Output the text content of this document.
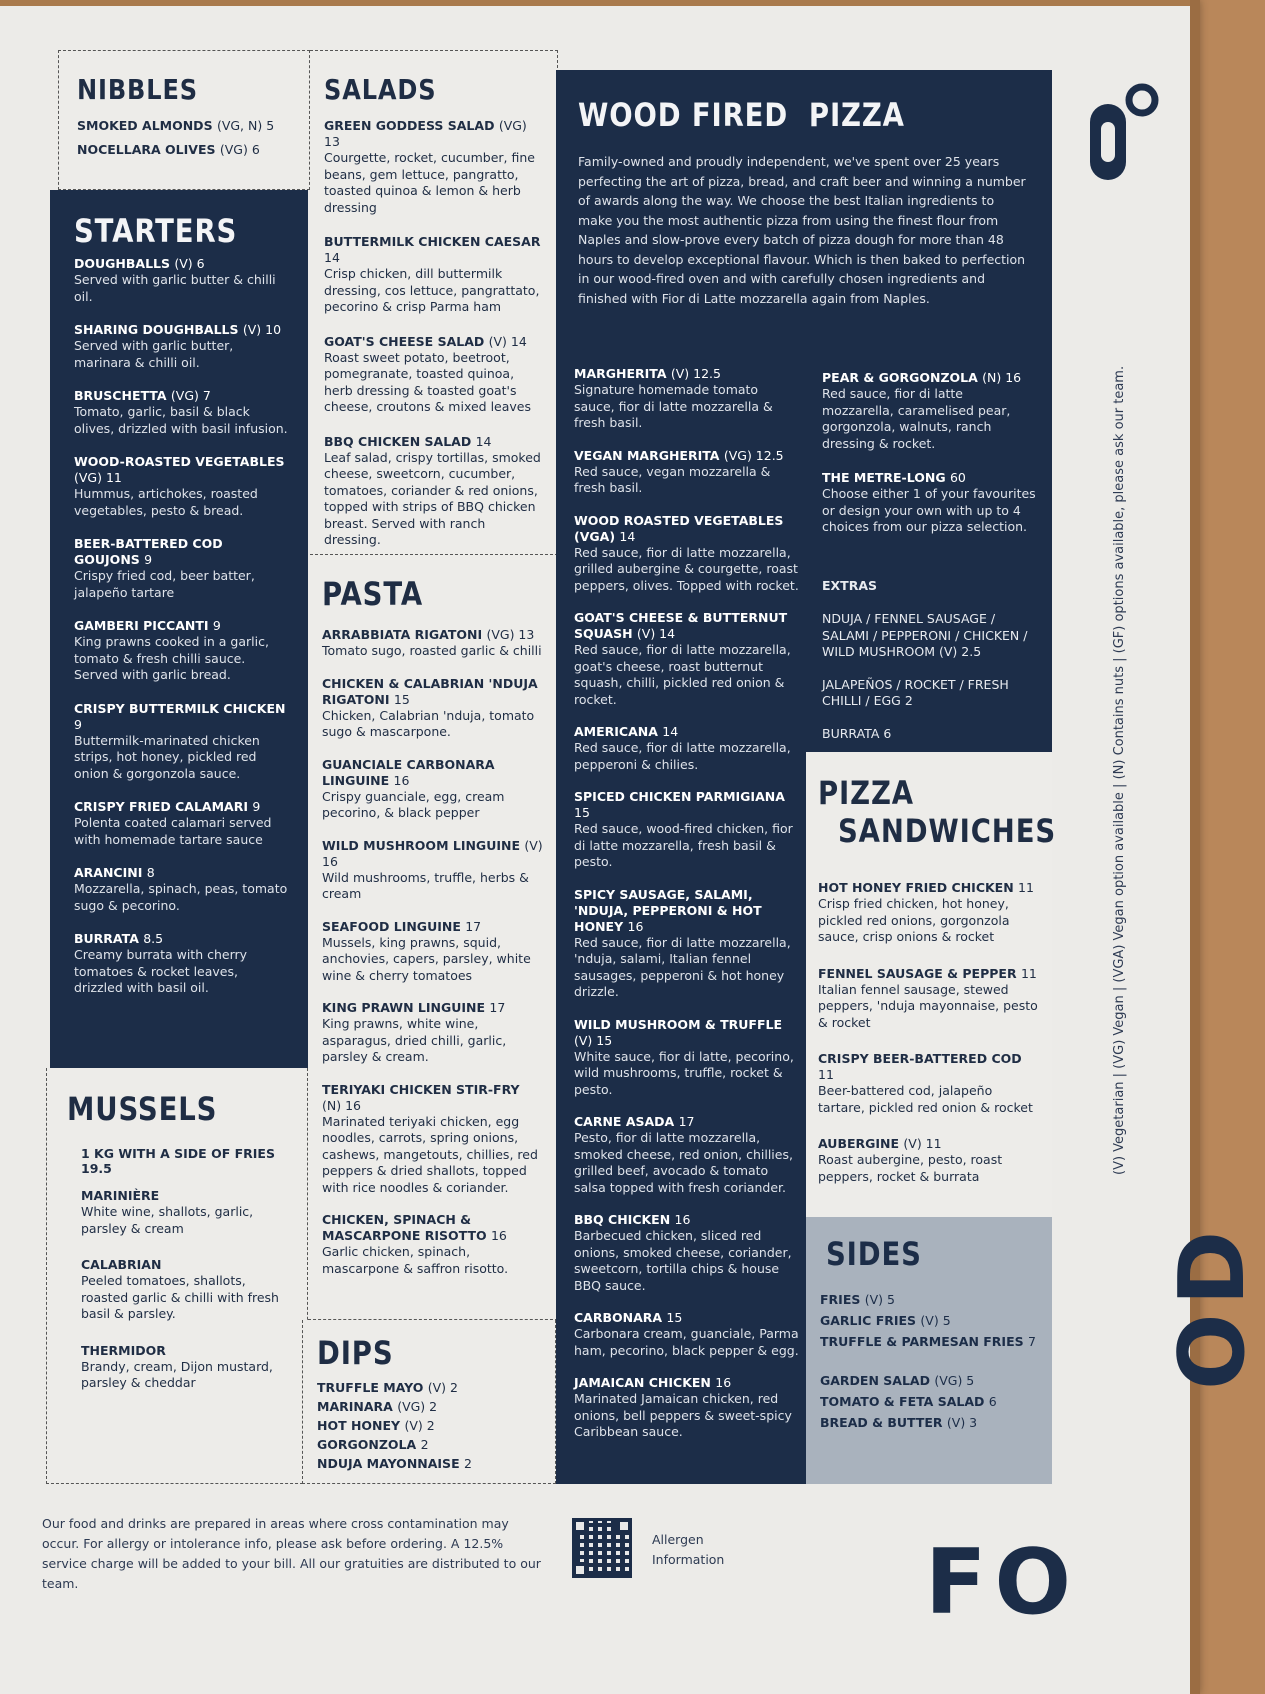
NIBBLES
SMOKED ALMONDS (VG, N) 5
NOCELLARA OLIVES (VG) 6
STARTERS
DOUGHBALLS (V) 6
Served with garlic butter & chilli oil.
SHARING DOUGHBALLS (V) 10
Served with garlic butter, marinara & chilli oil.
BRUSCHETTA (VG) 7
Tomato, garlic, basil & black olives, drizzled with basil infusion.
WOOD-ROASTED VEGETABLES (VG) 11
Hummus, artichokes, roasted vegetables, pesto & bread.
BEER-BATTERED COD GOUJONS 9
Crispy fried cod, beer batter, jalapeño tartare
GAMBERI PICCANTI 9
King prawns cooked in a garlic, tomato & fresh chilli sauce. Served with garlic bread.
CRISPY BUTTERMILK CHICKEN 9
Buttermilk-marinated chicken strips, hot honey, pickled red onion & gorgonzola sauce.
CRISPY FRIED CALAMARI 9
Polenta coated calamari served with homemade tartare sauce
ARANCINI 8
Mozzarella, spinach, peas, tomato sugo & pecorino.
BURRATA 8.5
Creamy burrata with cherry tomatoes & rocket leaves, drizzled with basil oil.
MUSSELS
1 KG WITH A SIDE OF FRIES 19.5
MARINIÈRE
White wine, shallots, garlic, parsley & cream
CALABRIAN
Peeled tomatoes, shallots, roasted garlic & chilli with fresh basil & parsley.
THERMIDOR
Brandy, cream, Dijon mustard, parsley & cheddar
SALADS
GREEN GODDESS SALAD (VG) 13
Courgette, rocket, cucumber, fine beans, gem lettuce, pangratto, toasted quinoa & lemon & herb dressing
BUTTERMILK CHICKEN CAESAR 14
Crisp chicken, dill buttermilk dressing, cos lettuce, pangrattato, pecorino & crisp Parma ham
GOAT'S CHEESE SALAD (V) 14
Roast sweet potato, beetroot, pomegranate, toasted quinoa, herb dressing & toasted goat's cheese, croutons & mixed leaves
BBQ CHICKEN SALAD 14
Leaf salad, crispy tortillas, smoked cheese, sweetcorn, cucumber, tomatoes, coriander & red onions, topped with strips of BBQ chicken breast. Served with ranch dressing.
PASTA
ARRABBIATA RIGATONI (VG) 13
Tomato sugo, roasted garlic & chilli
CHICKEN & CALABRIAN 'NDUJA RIGATONI 15
Chicken, Calabrian 'nduja, tomato sugo & mascarpone.
GUANCIALE CARBONARA LINGUINE 16
Crispy guanciale, egg, cream pecorino, & black pepper
WILD MUSHROOM LINGUINE (V) 16
Wild mushrooms, truffle, herbs & cream
SEAFOOD LINGUINE 17
Mussels, king prawns, squid, anchovies, capers, parsley, white wine & cherry tomatoes
KING PRAWN LINGUINE 17
King prawns, white wine, asparagus, dried chilli, garlic, parsley & cream.
TERIYAKI CHICKEN STIR-FRY (N) 16
Marinated teriyaki chicken, egg noodles, carrots, spring onions, cashews, mangetouts, chillies, red peppers & dried shallots, topped with rice noodles & coriander.
CHICKEN, SPINACH & MASCARPONE RISOTTO 16
Garlic chicken, spinach, mascarpone & saffron risotto.
DIPS
TRUFFLE MAYO (V) 2
MARINARA (VG) 2
HOT HONEY (V) 2
GORGONZOLA 2
NDUJA MAYONNAISE 2
WOOD FIRED  PIZZA
Family-owned and proudly independent, we've spent over 25 years perfecting the art of pizza, bread, and craft beer and winning a number of awards along the way. We choose the best Italian ingredients to make you the most authentic pizza from using the finest flour from Naples and slow-prove every batch of pizza dough for more than 48 hours to develop exceptional flavour. Which is then baked to perfection in our wood-fired oven and with carefully chosen ingredients and finished with Fior di Latte mozzarella again from Naples.
MARGHERITA (V) 12.5
Signature homemade tomato sauce, fior di latte mozzarella & fresh basil.
VEGAN MARGHERITA (VG) 12.5
Red sauce, vegan mozzarella & fresh basil.
WOOD ROASTED VEGETABLES (VGA) 14
Red sauce, fior di latte mozzarella, grilled aubergine & courgette, roast peppers, olives. Topped with rocket.
GOAT'S CHEESE & BUTTERNUT SQUASH (V) 14
Red sauce, fior di latte mozzarella, goat's cheese, roast butternut squash, chilli, pickled red onion & rocket.
AMERICANA 14
Red sauce, fior di latte mozzarella, pepperoni & chilies.
SPICED CHICKEN PARMIGIANA 15
Red sauce, wood-fired chicken, fior di latte mozzarella, fresh basil & pesto.
SPICY SAUSAGE, SALAMI, 'NDUJA, PEPPERONI & HOT HONEY 16
Red sauce, fior di latte mozzarella, 'nduja, salami, Italian fennel sausages, pepperoni & hot honey drizzle.
WILD MUSHROOM & TRUFFLE (V) 15
White sauce, fior di latte, pecorino, wild mushrooms, truffle, rocket & pesto.
CARNE ASADA 17
Pesto, fior di latte mozzarella, smoked cheese, red onion, chillies, grilled beef, avocado & tomato salsa topped with fresh coriander.
BBQ CHICKEN 16
Barbecued chicken, sliced red onions, smoked cheese, coriander, sweetcorn, tortilla chips & house BBQ sauce.
CARBONARA 15
Carbonara cream, guanciale, Parma ham, pecorino, black pepper & egg.
JAMAICAN CHICKEN 16
Marinated Jamaican chicken, red onions, bell peppers & sweet-spicy Caribbean sauce.
PEAR & GORGONZOLA (N) 16
Red sauce, fior di latte mozzarella, caramelised pear, gorgonzola, walnuts, ranch dressing & rocket.
THE METRE-LONG 60
Choose either 1 of your favourites or design your own with up to 4 choices from our pizza selection.
EXTRAS
NDUJA / FENNEL SAUSAGE / SALAMI / PEPPERONI / CHICKEN / WILD MUSHROOM (V) 2.5
JALAPEÑOS / ROCKET / FRESH CHILLI / EGG 2
BURRATA 6
PIZZA
SANDWICHES
HOT HONEY FRIED CHICKEN 11
Crisp fried chicken, hot honey, pickled red onions, gorgonzola sauce, crisp onions & rocket
FENNEL SAUSAGE & PEPPER 11
Italian fennel sausage, stewed peppers, 'nduja mayonnaise, pesto & rocket
CRISPY BEER-BATTERED COD 11
Beer-battered cod, jalapeño tartare, pickled red onion & rocket
AUBERGINE (V) 11
Roast aubergine, pesto, roast peppers, rocket & burrata
SIDES
FRIES (V) 5
GARLIC FRIES (V) 5
TRUFFLE & PARMESAN FRIES 7
GARDEN SALAD (VG) 5
TOMATO & FETA SALAD 6
BREAD & BUTTER (V) 3
Our food and drinks are prepared in areas where cross contamination may occur. For allergy or intolerance info, please ask before ordering. A 12.5% service charge will be added to your bill. All our gratuities are distributed to our team.
Allergen
Information FO
OD
(V) Vegetarian | (VG) Vegan | (VGA) Vegan option available | (N) Contains nuts | (GF) options available, please ask our team.
